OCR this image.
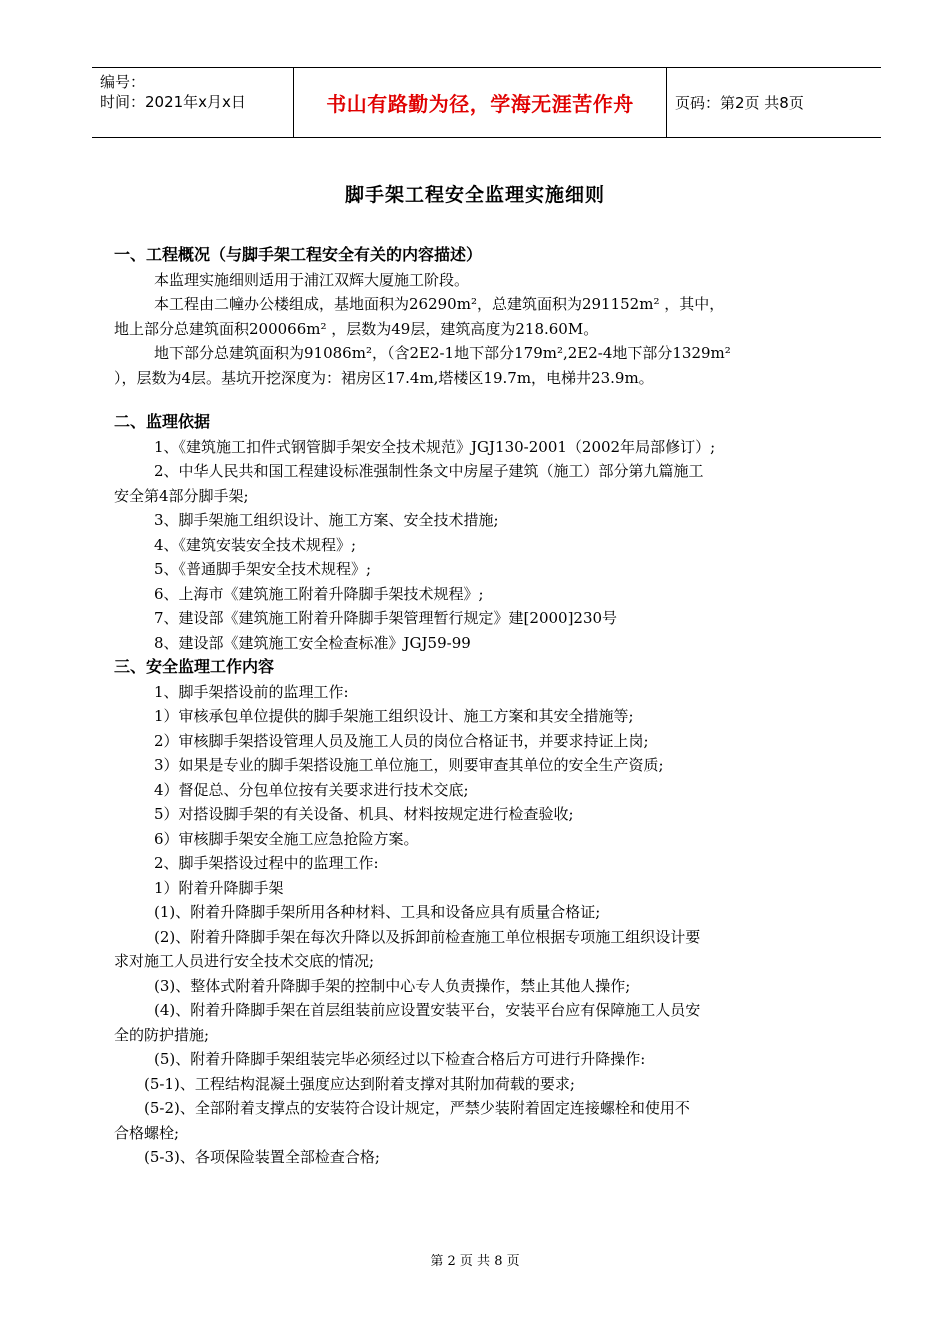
编号：
时间：2021年x月x日	书山有路勤为径，学海无涯苦作舟	页码：第2页 共8页
脚手架工程安全监理实施细则
一、工程概况（与脚手架工程安全有关的内容描述）
本监理实施细则适用于浦江双辉大厦施工阶段。
本工程由二幢办公楼组成，基地面积为26290m²，总建筑面积为291152m² ，其中，
地上部分总建筑面积200066m² ，层数为49层，建筑高度为218.60M。
地下部分总建筑面积为91086m²，（含2E2-1地下部分179m²,2E2-4地下部分1329m²
），层数为4层。基坑开挖深度为：裙房区17.4m,塔楼区19.7m，电梯井23.9m。
二、监理依据
1、《建筑施工扣件式钢管脚手架安全技术规范》JGJ130-2001（2002年局部修订）;
2、中华人民共和国工程建设标准强制性条文中房屋子建筑（施工）部分第九篇施工
安全第4部分脚手架;
3、脚手架施工组织设计、施工方案、安全技术措施;
4、《建筑安装安全技术规程》;
5、《普通脚手架安全技术规程》;
6、上海市《建筑施工附着升降脚手架技术规程》;
7、建设部《建筑施工附着升降脚手架管理暂行规定》建[2000]230号
8、建设部《建筑施工安全检查标准》JGJ59-99
三、安全监理工作内容
1、脚手架搭设前的监理工作:
1）审核承包单位提供的脚手架施工组织设计、施工方案和其安全措施等;
2）审核脚手架搭设管理人员及施工人员的岗位合格证书，并要求持证上岗;
3）如果是专业的脚手架搭设施工单位施工，则要审查其单位的安全生产资质;
4）督促总、分包单位按有关要求进行技术交底;
5）对搭设脚手架的有关设备、机具、材料按规定进行检查验收;
6）审核脚手架安全施工应急抢险方案。
2、脚手架搭设过程中的监理工作:
1）附着升降脚手架
(1)、附着升降脚手架所用各种材料、工具和设备应具有质量合格证;
(2)、附着升降脚手架在每次升降以及拆卸前检查施工单位根据专项施工组织设计要
求对施工人员进行安全技术交底的情况;
(3)、整体式附着升降脚手架的控制中心专人负责操作，禁止其他人操作;
(4)、附着升降脚手架在首层组装前应设置安装平台，安装平台应有保障施工人员安
全的防护措施;
(5)、附着升降脚手架组装完毕必须经过以下检查合格后方可进行升降操作:
(5-1)、工程结构混凝土强度应达到附着支撑对其附加荷载的要求;
(5-2)、全部附着支撑点的安装符合设计规定，严禁少装附着固定连接螺栓和使用不
合格螺栓;
(5-3)、各项保险装置全部检查合格;
第 2 页 共 8 页
